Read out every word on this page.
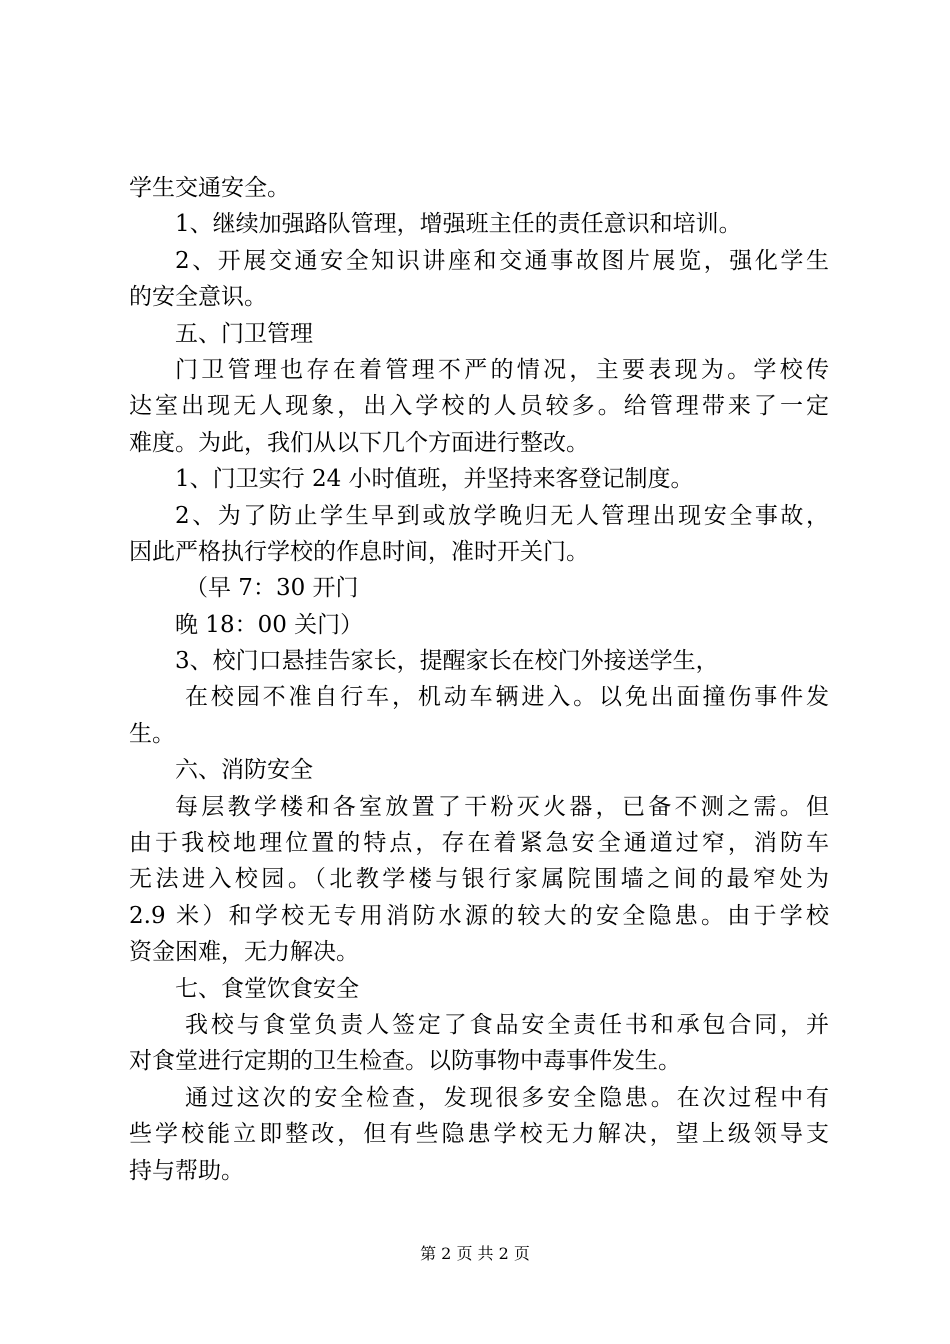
学生交通安全。
1、继续加强路队管理，增强班主任的责任意识和培训。
2、开展交通安全知识讲座和交通事故图片展览，强化学生
的安全意识。
五、门卫管理
门卫管理也存在着管理不严的情况，主要表现为。学校传
达室出现无人现象，出入学校的人员较多。给管理带来了一定
难度。为此，我们从以下几个方面进行整改。
1、门卫实行 24 小时值班，并坚持来客登记制度。
2、为了防止学生早到或放学晚归无人管理出现安全事故，
因此严格执行学校的作息时间，准时开关门。
（早 7：30 开门
晚 18：00 关门）
3、校门口悬挂告家长，提醒家长在校门外接送学生，
在校园不准自行车，机动车辆进入。以免出面撞伤事件发
生。
六、消防安全
每层教学楼和各室放置了干粉灭火器，已备不测之需。但
由于我校地理位置的特点，存在着紧急安全通道过窄，消防车
无法进入校园。（北教学楼与银行家属院围墙之间的最窄处为
2.9 米）和学校无专用消防水源的较大的安全隐患。由于学校
资金困难，无力解决。
七、食堂饮食安全
我校与食堂负责人签定了食品安全责任书和承包合同，并
对食堂进行定期的卫生检查。以防事物中毒事件发生。
通过这次的安全检查，发现很多安全隐患。在次过程中有
些学校能立即整改，但有些隐患学校无力解决，望上级领导支
持与帮助。
第 2 页 共 2 页
